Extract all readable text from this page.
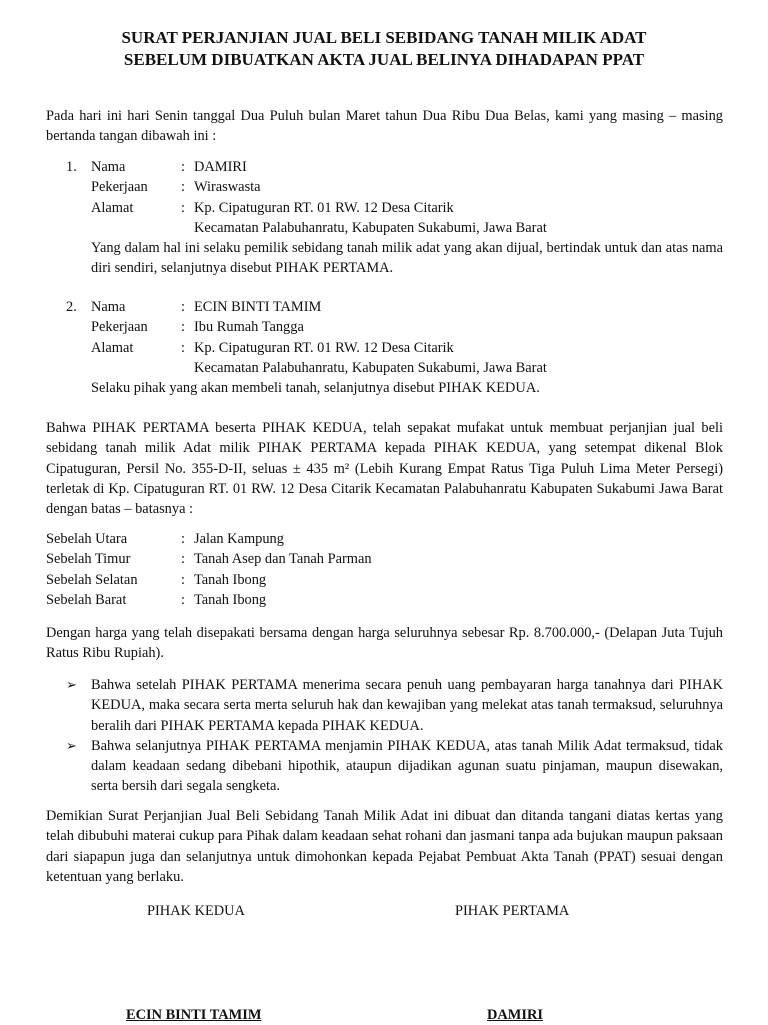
SURAT PERJANJIAN JUAL BELI SEBIDANG TANAH MILIK ADAT
SEBELUM DIBUATKAN AKTA JUAL BELINYA DIHADAPAN PPAT
Pada hari ini hari Senin tanggal Dua Puluh bulan Maret tahun Dua Ribu Dua Belas, kami yang masing – masing bertanda tangan dibawah ini :
1. Nama	: DAMIRI
Pekerjaan : Wiraswasta
Alamat	: Kp. Cipatuguran RT. 01 RW. 12 Desa Citarik
Kecamatan Palabuhanratu, Kabupaten Sukabumi, Jawa Barat
Yang dalam hal ini selaku pemilik sebidang tanah milik adat yang akan dijual, bertindak untuk dan atas nama diri sendiri, selanjutnya disebut PIHAK PERTAMA.
2. Nama	: ECIN BINTI TAMIM
Pekerjaan : Ibu Rumah Tangga
Alamat	: Kp. Cipatuguran RT. 01 RW. 12 Desa Citarik
Kecamatan Palabuhanratu, Kabupaten Sukabumi, Jawa Barat
Selaku pihak yang akan membeli tanah, selanjutnya disebut PIHAK KEDUA.
Bahwa PIHAK PERTAMA beserta PIHAK KEDUA, telah sepakat mufakat untuk membuat perjanjian jual beli sebidang tanah milik Adat milik PIHAK PERTAMA kepada PIHAK KEDUA, yang setempat dikenal Blok Cipatuguran, Persil No. 355-D-II, seluas ± 435 m² (Lebih Kurang Empat Ratus Tiga Puluh Lima Meter Persegi) terletak di Kp. Cipatuguran RT. 01 RW. 12 Desa Citarik Kecamatan Palabuhanratu Kabupaten Sukabumi Jawa Barat dengan batas – batasnya :
Sebelah Utara	: Jalan Kampung
Sebelah Timur	: Tanah Asep dan Tanah Parman
Sebelah Selatan	: Tanah Ibong
Sebelah Barat	: Tanah Ibong
Dengan harga yang telah disepakati bersama dengan harga seluruhnya sebesar Rp. 8.700.000,- (Delapan Juta Tujuh Ratus Ribu Rupiah).
➢ Bahwa setelah PIHAK PERTAMA menerima secara penuh uang pembayaran harga tanahnya dari PIHAK KEDUA, maka secara serta merta seluruh hak dan kewajiban yang melekat atas tanah termaksud, seluruhnya beralih dari PIHAK PERTAMA kepada PIHAK KEDUA.
➢ Bahwa selanjutnya PIHAK PERTAMA menjamin PIHAK KEDUA, atas tanah Milik Adat termaksud, tidak dalam keadaan sedang dibebani hipothik, ataupun dijadikan agunan suatu pinjaman, maupun disewakan, serta bersih dari segala sengketa.
Demikian Surat Perjanjian Jual Beli Sebidang Tanah Milik Adat ini dibuat dan ditanda tangani diatas kertas yang telah dibubuhi materai cukup para Pihak dalam keadaan sehat rohani dan jasmani tanpa ada bujukan maupun paksaan dari siapapun juga dan selanjutnya untuk dimohonkan kepada Pejabat Pembuat Akta Tanah (PPAT) sesuai dengan ketentuan yang berlaku.
PIHAK KEDUA	PIHAK PERTAMA
ECIN BINTI TAMIM	DAMIRI
